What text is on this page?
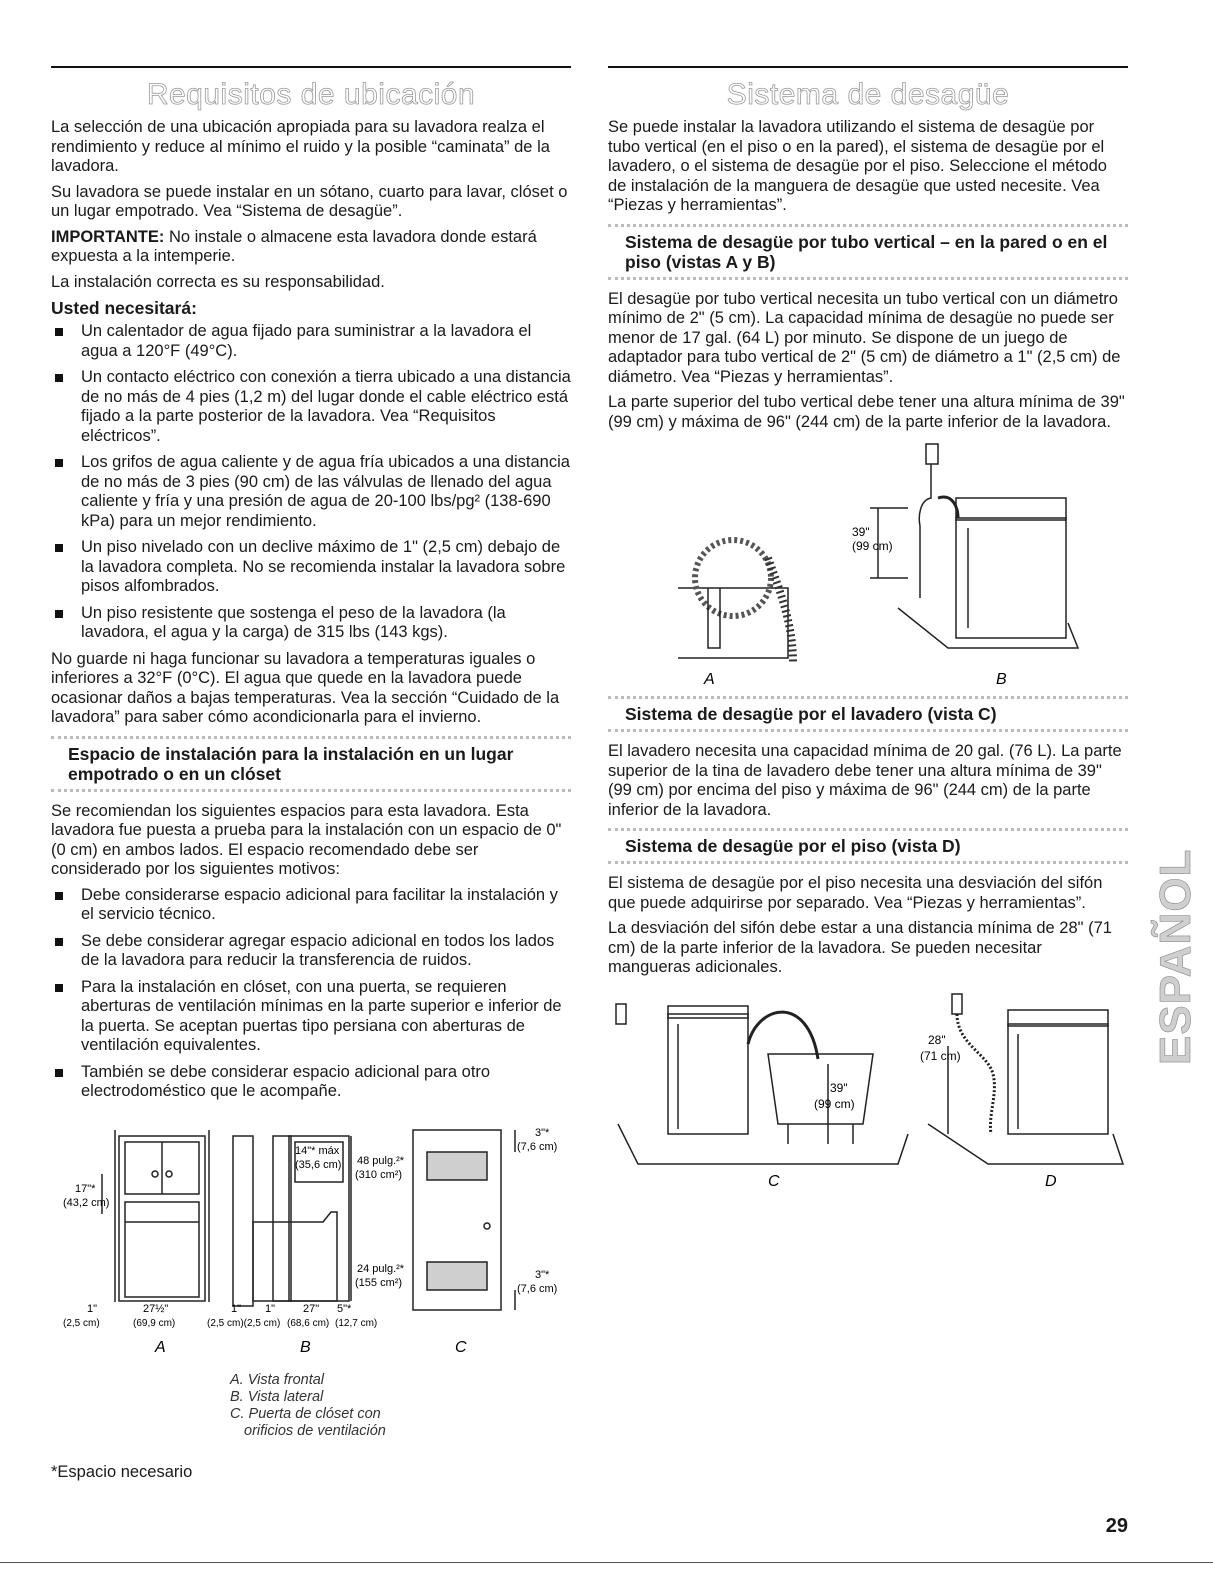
Requisitos de ubicación

La selección de una ubicación apropiada para su lavadora realza el rendimiento y reduce al mínimo el ruido y la posible “caminata” de la lavadora.

Su lavadora se puede instalar en un sótano, cuarto para lavar, clóset o un lugar empotrado. Vea “Sistema de desagüe”.

IMPORTANTE: No instale o almacene esta lavadora donde estará expuesta a la intemperie.

La instalación correcta es su responsabilidad.

Usted necesitará:
Un calentador de agua fijado para suministrar a la lavadora el agua a 120°F (49°C).
Un contacto eléctrico con conexión a tierra ubicado a una distancia de no más de 4 pies (1,2 m) del lugar donde el cable eléctrico está fijado a la parte posterior de la lavadora. Vea “Requisitos eléctricos”.
Los grifos de agua caliente y de agua fría ubicados a una distancia de no más de 3 pies (90 cm) de las válvulas de llenado del agua caliente y fría y una presión de agua de 20-100 lbs/pg² (138-690 kPa) para un mejor rendimiento.
Un piso nivelado con un declive máximo de 1" (2,5 cm) debajo de la lavadora completa. No se recomienda instalar la lavadora sobre pisos alfombrados.
Un piso resistente que sostenga el peso de la lavadora (la lavadora, el agua y la carga) de 315 lbs (143 kgs).

No guarde ni haga funcionar su lavadora a temperaturas iguales o inferiores a 32°F (0°C). El agua que quede en la lavadora puede ocasionar daños a bajas temperaturas. Vea la sección “Cuidado de la lavadora” para saber cómo acondicionarla para el invierno.

Espacio de instalación para la instalación en un lugar empotrado o en un clóset

Se recomiendan los siguientes espacios para esta lavadora. Esta lavadora fue puesta a prueba para la instalación con un espacio de 0" (0 cm) en ambos lados. El espacio recomendado debe ser considerado por los siguientes motivos:

Debe considerarse espacio adicional para facilitar la instalación y el servicio técnico.
Se debe considerar agregar espacio adicional en todos los lados de la lavadora para reducir la transferencia de ruidos.
Para la instalación en clóset, con una puerta, se requieren aberturas de ventilación mínimas en la parte superior e inferior de la puerta. Se aceptan puertas tipo persiana con aberturas de ventilación equivalentes.
También se debe considerar espacio adicional para otro electrodoméstico que le acompañe.
17"*
(43,2 cm)
1"
(2,5 cm)
27½"
(69,9 cm)
14"* máx
(35,6 cm) 48 pulg.²*
(310 cm²)
24 pulg.²*
(155 cm²)
1" 1"
(2,5 cm)(2,5 cm)
27"
(68,6 cm)
5"*
(12,7 cm)
3"*
(7,6 cm)
3"*
(7,6 cm)
A	B	C
A. Vista frontal
B. Vista lateral
C. Puerta de clóset con
orificios de ventilación
*Espacio necesario
Sistema de desagüe

Se puede instalar la lavadora utilizando el sistema de desagüe por tubo vertical (en el piso o en la pared), el sistema de desagüe por el lavadero, o el sistema de desagüe por el piso. Seleccione el método de instalación de la manguera de desagüe que usted necesite. Vea “Piezas y herramientas”.

Sistema de desagüe por tubo vertical – en la pared o en el piso (vistas A y B)

El desagüe por tubo vertical necesita un tubo vertical con un diámetro mínimo de 2" (5 cm). La capacidad mínima de desagüe no puede ser menor de 17 gal. (64 L) por minuto. Se dispone de un juego de adaptador para tubo vertical de 2" (5 cm) de diámetro a 1" (2,5 cm) de diámetro. Vea “Piezas y herramientas”.

La parte superior del tubo vertical debe tener una altura mínima de 39" (99 cm) y máxima de 96" (244 cm) de la parte inferior de la lavadora.

39"
(99 cm)
A	B
Sistema de desagüe por el lavadero (vista C)

El lavadero necesita una capacidad mínima de 20 gal. (76 L). La parte superior de la tina de lavadero debe tener una altura mínima de 39" (99 cm) por encima del piso y máxima de 96" (244 cm) de la parte inferior de la lavadora.

Sistema de desagüe por el piso (vista D)

El sistema de desagüe por el piso necesita una desviación del sifón que puede adquirirse por separado. Vea “Piezas y herramientas”.

La desviación del sifón debe estar a una distancia mínima de 28" (71 cm) de la parte inferior de la lavadora. Se pueden necesitar mangueras adicionales.

39"
(99 cm)
28"
(71 cm)
C	D
ESPAÑOL
29
